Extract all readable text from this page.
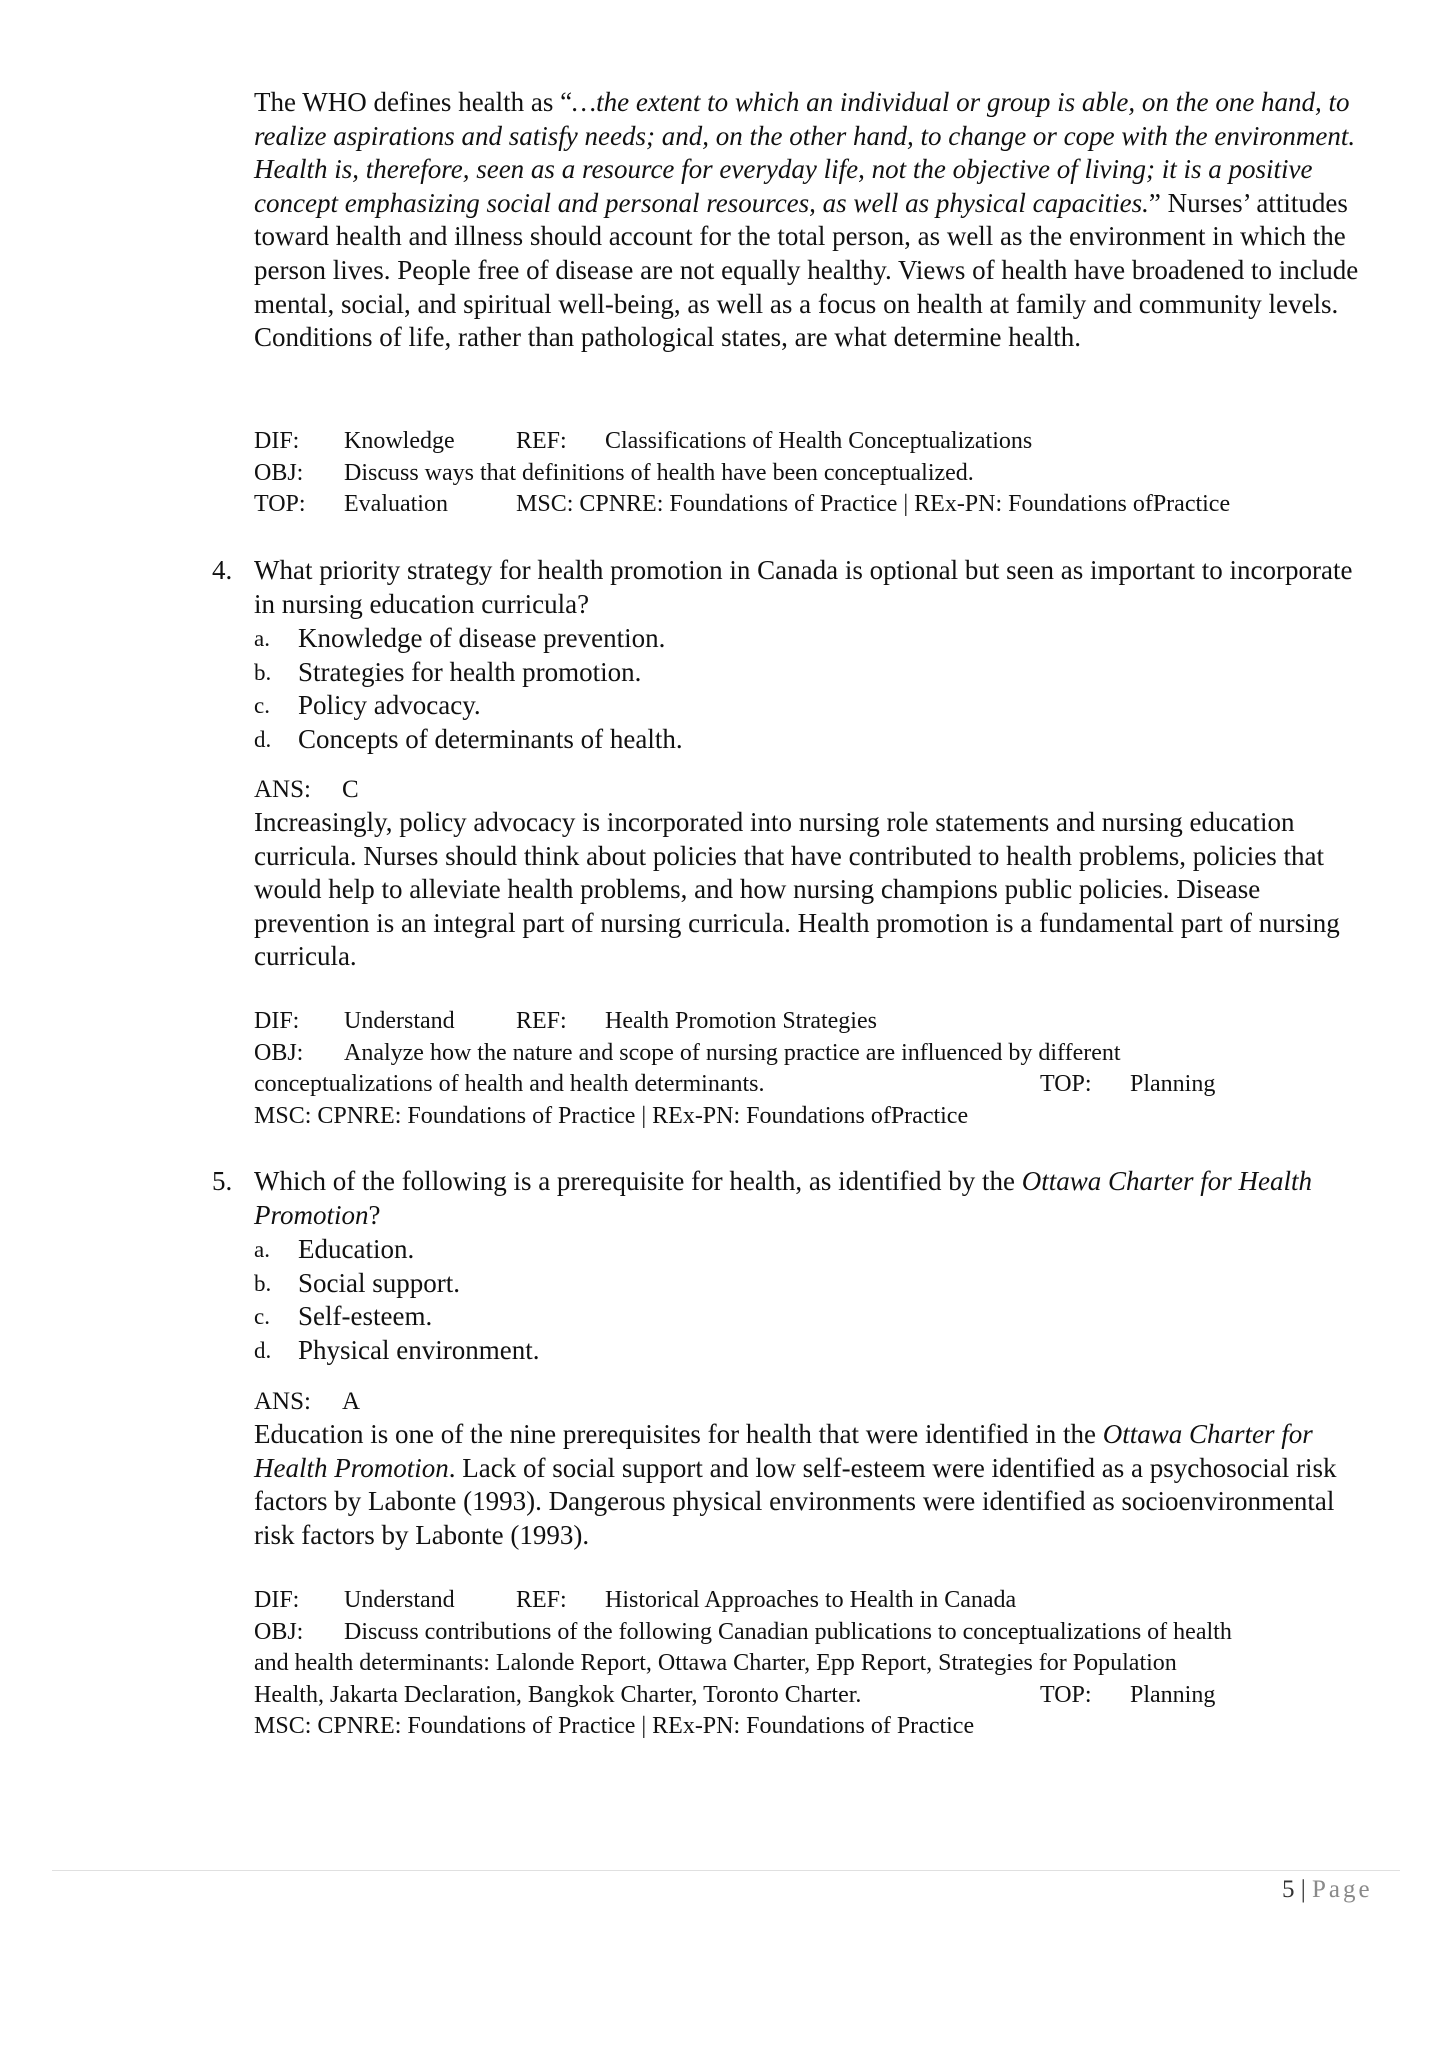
The WHO defines health as “…the extent to which an individual or group is able, on the one hand, to realize aspirations and satisfy needs; and, on the other hand, to change or cope with the environment. Health is, therefore, seen as a resource for everyday life, not the objective of living; it is a positive concept emphasizing social and personal resources, as well as physical capacities.” Nurses’ attitudes toward health and illness should account for the total person, as well as the environment in which the person lives. People free of disease are not equally healthy. Views of health have broadened to include mental, social, and spiritual well-being, as well as a focus on health at family and community levels. Conditions of life, rather than pathological states, are what determine health.

DIF: Knowledge	REF: Classifications of Health Conceptualizations
OBJ: Discuss ways that definitions of health have been conceptualized.
TOP: Evaluation	MSC: CPNRE: Foundations of Practice | REx-PN: Foundations ofPractice
4. What priority strategy for health promotion in Canada is optional but seen as important to incorporate in nursing education curricula?

a. Knowledge of disease prevention.
b. Strategies for health promotion.
c. Policy advocacy.
d. Concepts of determinants of health.
ANS: C

Increasingly, policy advocacy is incorporated into nursing role statements and nursing education curricula. Nurses should think about policies that have contributed to health problems, policies that would help to alleviate health problems, and how nursing champions public policies. Disease prevention is an integral part of nursing curricula. Health promotion is a fundamental part of nursing curricula.

DIF: Understand	REF: Health Promotion Strategies
OBJ: Analyze how the nature and scope of nursing practice are influenced by different
conceptualizations of health and health determinants.	TOP: Planning
MSC: CPNRE: Foundations of Practice | REx-PN: Foundations ofPractice
5. Which of the following is a prerequisite for health, as identified by the Ottawa Charter for Health Promotion?

a. Education.
b. Social support.
c. Self-esteem.
d. Physical environment.
ANS: A

Education is one of the nine prerequisites for health that were identified in the Ottawa Charter for Health Promotion. Lack of social support and low self-esteem were identified as a psychosocial risk factors by Labonte (1993). Dangerous physical environments were identified as socioenvironmental risk factors by Labonte (1993).

DIF: Understand	REF: Historical Approaches to Health in Canada
OBJ: Discuss contributions of the following Canadian publications to conceptualizations of health
and health determinants: Lalonde Report, Ottawa Charter, Epp Report, Strategies for Population
Health, Jakarta Declaration, Bangkok Charter, Toronto Charter.	TOP: Planning
MSC: CPNRE: Foundations of Practice | REx-PN: Foundations of Practice
5 | Page
